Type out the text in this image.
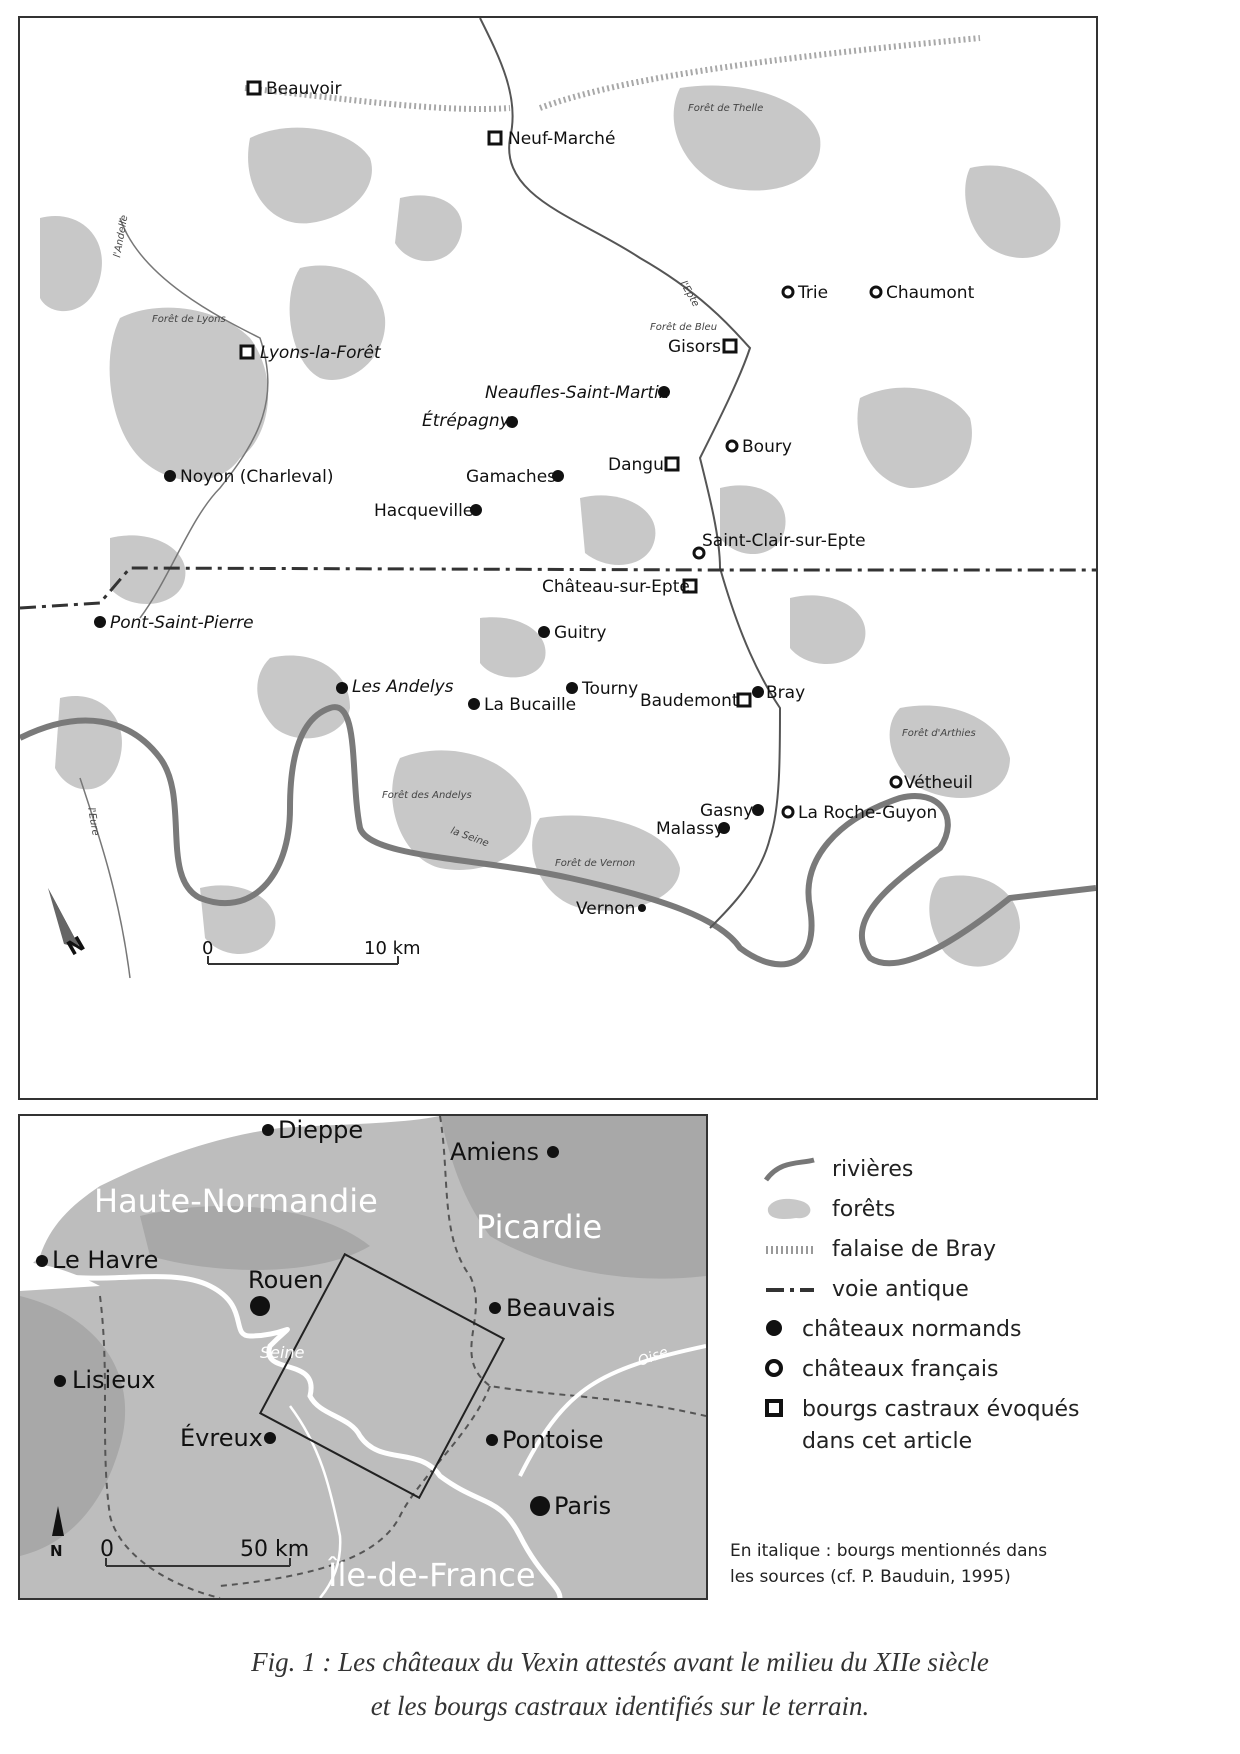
Forêt de Thelle
Forêt de Lyons
Forêt de Bleu
Forêt d'Arthies
Forêt des Andelys
Forêt de Vernon
l'Andelle
l'Epte
la Seine
l'Eure
Beauvoir
Neuf-Marché
Trie	Chaumont
Gisors
Lyons-la-Forêt
Neaufles-Saint-Martin
Étrépagny
Boury
Gamaches
Dangu
Noyon (Charleval)
Hacqueville
Saint-Clair-sur-Epte
Château-sur-Epte
Pont-Saint-Pierre	Guitry
Les Andelys	Tourny
La Bucaille	Baudemont Bray
Vétheuil
Gasny	La Roche-Guyon
Malassy
Vernon
N	0	10 km
Dieppe
Amiens
Le Havre
Rouen
Beauvais
Lisieux
Évreux	Pontoise
Paris
Haute-Normandie
Picardie
Île-de-France
Seine	Oise
N 0	50 km
rivières
forêts
falaise de Bray
voie antique
châteaux normands
châteaux français
bourgs castraux évoqués
dans cet article
En italique : bourgs mentionnés dans
les sources (cf. P. Bauduin, 1995)
Fig. 1 : Les châteaux du Vexin attestés avant le milieu du XIIe siècle
et les bourgs castraux identifiés sur le terrain.
